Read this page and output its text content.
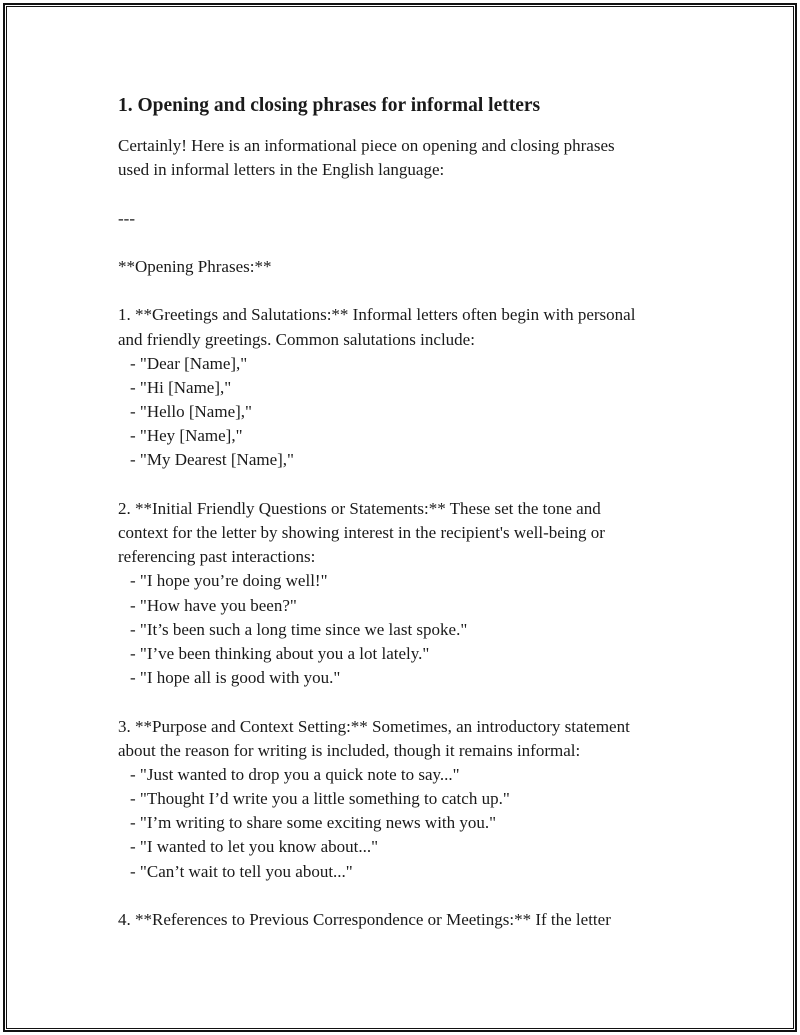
1. Opening and closing phrases for informal letters
Certainly! Here is an informational piece on opening and closing phrases
used in informal letters in the English language:
---
**Opening Phrases:**
1. **Greetings and Salutations:** Informal letters often begin with personal
and friendly greetings. Common salutations include:
- "Dear [Name],"
- "Hi [Name],"
- "Hello [Name],"
- "Hey [Name],"
- "My Dearest [Name],"
2. **Initial Friendly Questions or Statements:** These set the tone and
context for the letter by showing interest in the recipient's well-being or
referencing past interactions:
- "I hope you’re doing well!"
- "How have you been?"
- "It’s been such a long time since we last spoke."
- "I’ve been thinking about you a lot lately."
- "I hope all is good with you."
3. **Purpose and Context Setting:** Sometimes, an introductory statement
about the reason for writing is included, though it remains informal:
- "Just wanted to drop you a quick note to say..."
- "Thought I’d write you a little something to catch up."
- "I’m writing to share some exciting news with you."
- "I wanted to let you know about..."
- "Can’t wait to tell you about..."
4. **References to Previous Correspondence or Meetings:** If the letter
